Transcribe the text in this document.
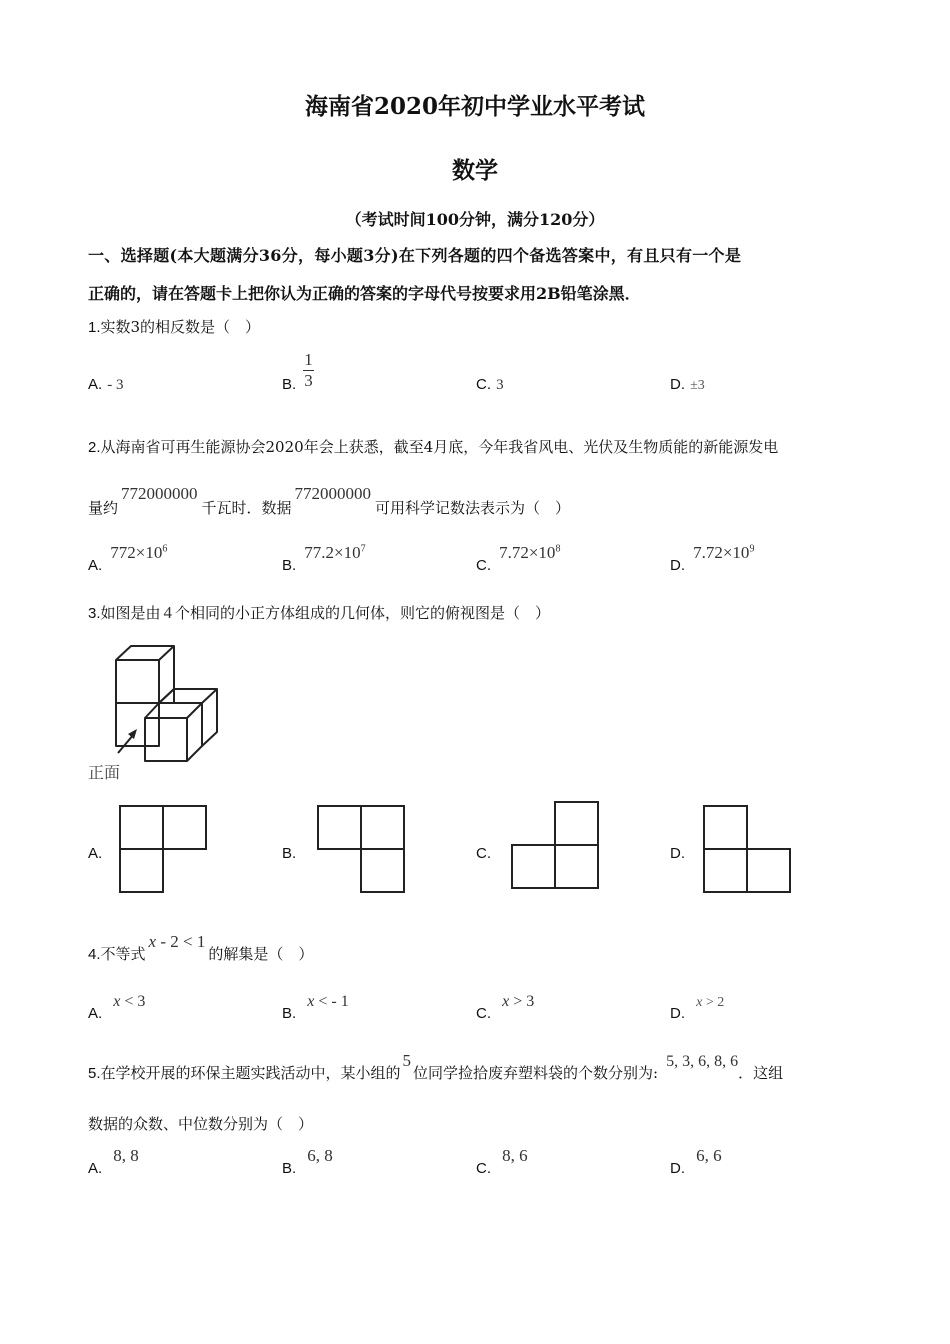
海南省2020年初中学业水平考试
数学
（考试时间100分钟，满分120分）
一、选择题(本大题满分36分，每小题3分)在下列各题的四个备选答案中，有且只有一个是
正确的，请在答题卡上把你认为正确的答案的字母代号按要求用2B铅笔涂黑．
1.实数3的相反数是（　）
A. - 3	B. $\frac{1}{3}$	C. 3	D. ±3
2.从海南省可再生能源协会2020年会上获悉，截至4月底，今年我省风电、光伏及生物质能的新能源发电
量约772000000千瓦时．数据772000000可用科学记数法表示为（　）
A. $772\times 10^6$
B. $77.2\times 10^7$
C. $7.72\times 10^8$
D. $7.72\times 10^9$
3.如图是由 4 个相同的小正方体组成的几何体，则它的俯视图是（　）
正面
A.	B.	C.	D.
4.不等式x - 2 < 1的解集是（　）
A. x < 3
B. x < - 1
C. x > 3
D. x > 2
5.在学校开展的环保主题实践活动中，某小组的5位同学捡拾废弃塑料袋的个数分别为:5, 3, 6, 8, 6．这组
数据的众数、中位数分别为（　）
A. 8, 8
B. 6, 8
C. 8, 6
D. 6, 6
